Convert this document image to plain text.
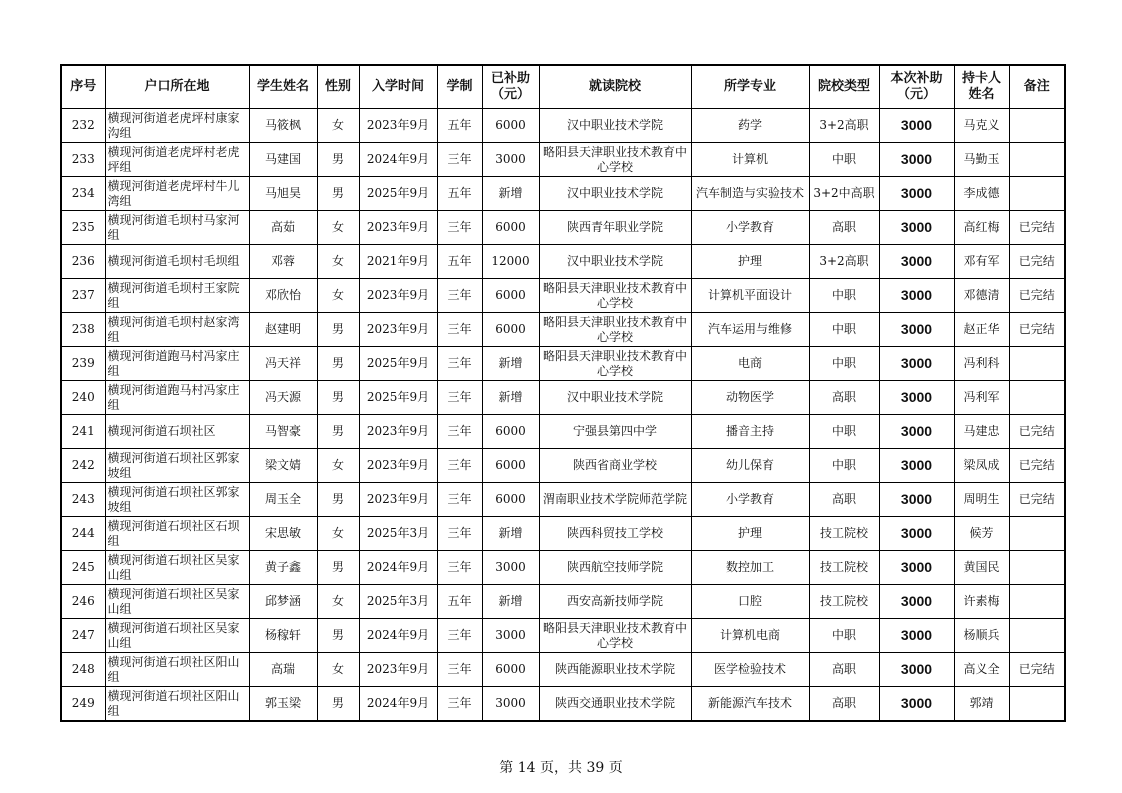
序号	户口所在地	学生姓名	性别	入学时间	学制	已补助（元）	就读院校	所学专业	院校类型	本次补助（元）	持卡人姓名	备注
232	横现河街道老虎坪村康家沟组	马筱枫	女	2023年9月	五年	6000	汉中职业技术学院	药学	3+2高职	3000	马克义	
233	横现河街道老虎坪村老虎坪组	马建国	男	2024年9月	三年	3000	略阳县天津职业技术教育中心学校	计算机	中职	3000	马勤玉	
234	横现河街道老虎坪村牛儿湾组	马旭昊	男	2025年9月	五年	新增	汉中职业技术学院	汽车制造与实验技术	3+2中高职	3000	李成德	
235	横现河街道毛坝村马家河组	高茹	女	2023年9月	三年	6000	陕西青年职业学院	小学教育	高职	3000	高红梅	已完结
236	横现河街道毛坝村毛坝组	邓蓉	女	2021年9月	五年	12000	汉中职业技术学院	护理	3+2高职	3000	邓有军	已完结
237	横现河街道毛坝村王家院组	邓欣怡	女	2023年9月	三年	6000	略阳县天津职业技术教育中心学校	计算机平面设计	中职	3000	邓德清	已完结
238	横现河街道毛坝村赵家湾组	赵建明	男	2023年9月	三年	6000	略阳县天津职业技术教育中心学校	汽车运用与维修	中职	3000	赵正华	已完结
239	横现河街道跑马村冯家庄组	冯天祥	男	2025年9月	三年	新增	略阳县天津职业技术教育中心学校	电商	中职	3000	冯利科	
240	横现河街道跑马村冯家庄组	冯天源	男	2025年9月	三年	新增	汉中职业技术学院	动物医学	高职	3000	冯利军	
241	横现河街道石坝社区	马智豪	男	2023年9月	三年	6000	宁强县第四中学	播音主持	中职	3000	马建忠	已完结
242	横现河街道石坝社区郭家坡组	梁文婧	女	2023年9月	三年	6000	陕西省商业学校	幼儿保育	中职	3000	梁凤成	已完结
243	横现河街道石坝社区郭家坡组	周玉全	男	2023年9月	三年	6000	渭南职业技术学院师范学院	小学教育	高职	3000	周明生	已完结
244	横现河街道石坝社区石坝组	宋思敏	女	2025年3月	三年	新增	陕西科贸技工学校	护理	技工院校	3000	候芳	
245	横现河街道石坝社区吴家山组	黄子鑫	男	2024年9月	三年	3000	陕西航空技师学院	数控加工	技工院校	3000	黄国民	
246	横现河街道石坝社区吴家山组	邱梦涵	女	2025年3月	五年	新增	西安高新技师学院	口腔	技工院校	3000	许素梅	
247	横现河街道石坝社区吴家山组	杨稼轩	男	2024年9月	三年	3000	略阳县天津职业技术教育中心学校	计算机电商	中职	3000	杨顺兵	
248	横现河街道石坝社区阳山组	高瑞	女	2023年9月	三年	6000	陕西能源职业技术学院	医学检验技术	高职	3000	高义全	已完结
249	横现河街道石坝社区阳山组	郭玉梁	男	2024年9月	三年	3000	陕西交通职业技术学院	新能源汽车技术	高职	3000	郭靖	
第 14 页，共 39 页
